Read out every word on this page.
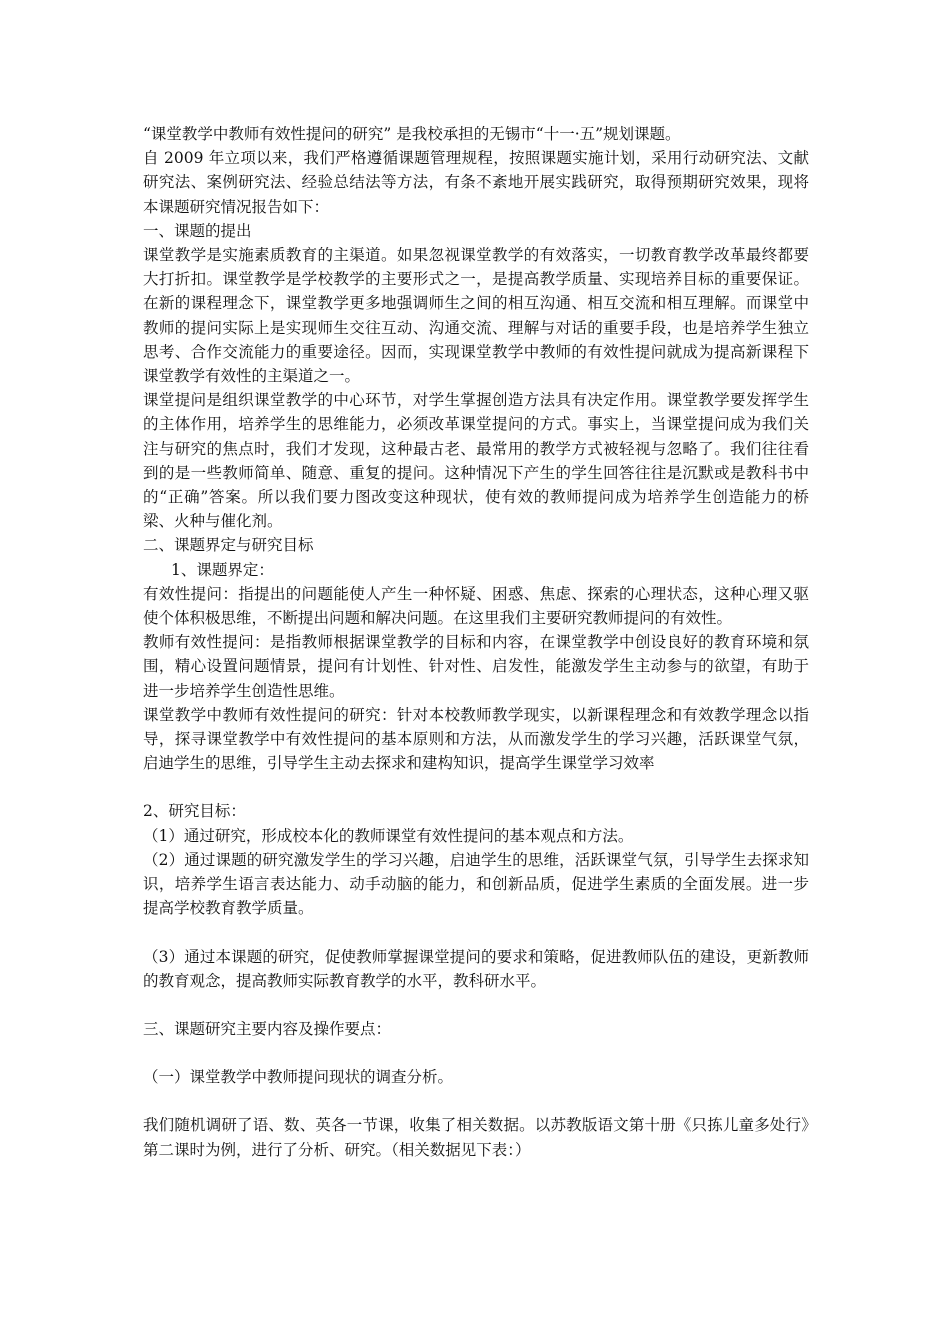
“课堂教学中教师有效性提问的研究” 是我校承担的无锡市“十一·五”规划课题。

自 2009 年立项以来，我们严格遵循课题管理规程，按照课题实施计划，采用行动研究法、文献研究法、案例研究法、经验总结法等方法，有条不紊地开展实践研究，取得预期研究效果，现将本课题研究情况报告如下：

一、课题的提出

课堂教学是实施素质教育的主渠道。如果忽视课堂教学的有效落实，一切教育教学改革最终都要大打折扣。课堂教学是学校教学的主要形式之一，是提高教学质量、实现培养目标的重要保证。在新的课程理念下，课堂教学更多地强调师生之间的相互沟通、相互交流和相互理解。而课堂中教师的提问实际上是实现师生交往互动、沟通交流、理解与对话的重要手段，也是培养学生独立思考、合作交流能力的重要途径。因而，实现课堂教学中教师的有效性提问就成为提高新课程下课堂教学有效性的主渠道之一。

课堂提问是组织课堂教学的中心环节，对学生掌握创造方法具有决定作用。课堂教学要发挥学生的主体作用，培养学生的思维能力，必须改革课堂提问的方式。事实上，当课堂提问成为我们关注与研究的焦点时，我们才发现，这种最古老、最常用的教学方式被轻视与忽略了。我们往往看到的是一些教师简单、随意、重复的提问。这种情况下产生的学生回答往往是沉默或是教科书中的“正确”答案。所以我们要力图改变这种现状，使有效的教师提问成为培养学生创造能力的桥梁、火种与催化剂。

二、课题界定与研究目标

1、课题界定：

有效性提问：指提出的问题能使人产生一种怀疑、困惑、焦虑、探索的心理状态，这种心理又驱使个体积极思维，不断提出问题和解决问题。在这里我们主要研究教师提问的有效性。

教师有效性提问：是指教师根据课堂教学的目标和内容，在课堂教学中创设良好的教育环境和氛围，精心设置问题情景，提问有计划性、针对性、启发性，能激发学生主动参与的欲望，有助于进一步培养学生创造性思维。

课堂教学中教师有效性提问的研究：针对本校教师教学现实，以新课程理念和有效教学理念以指导，探寻课堂教学中有效性提问的基本原则和方法，从而激发学生的学习兴趣，活跃课堂气氛，启迪学生的思维，引导学生主动去探求和建构知识，提高学生课堂学习效率

2、研究目标：

（1）通过研究，形成校本化的教师课堂有效性提问的基本观点和方法。

（2）通过课题的研究激发学生的学习兴趣，启迪学生的思维，活跃课堂气氛，引导学生去探求知识，培养学生语言表达能力、动手动脑的能力，和创新品质，促进学生素质的全面发展。进一步提高学校教育教学质量。

（3）通过本课题的研究，促使教师掌握课堂提问的要求和策略，促进教师队伍的建设，更新教师的教育观念，提高教师实际教育教学的水平，教科研水平。

三、课题研究主要内容及操作要点：

（一）课堂教学中教师提问现状的调查分析。

我们随机调研了语、数、英各一节课，收集了相关数据。以苏教版语文第十册《只拣儿童多处行》第二课时为例，进行了分析、研究。（相关数据见下表：）
